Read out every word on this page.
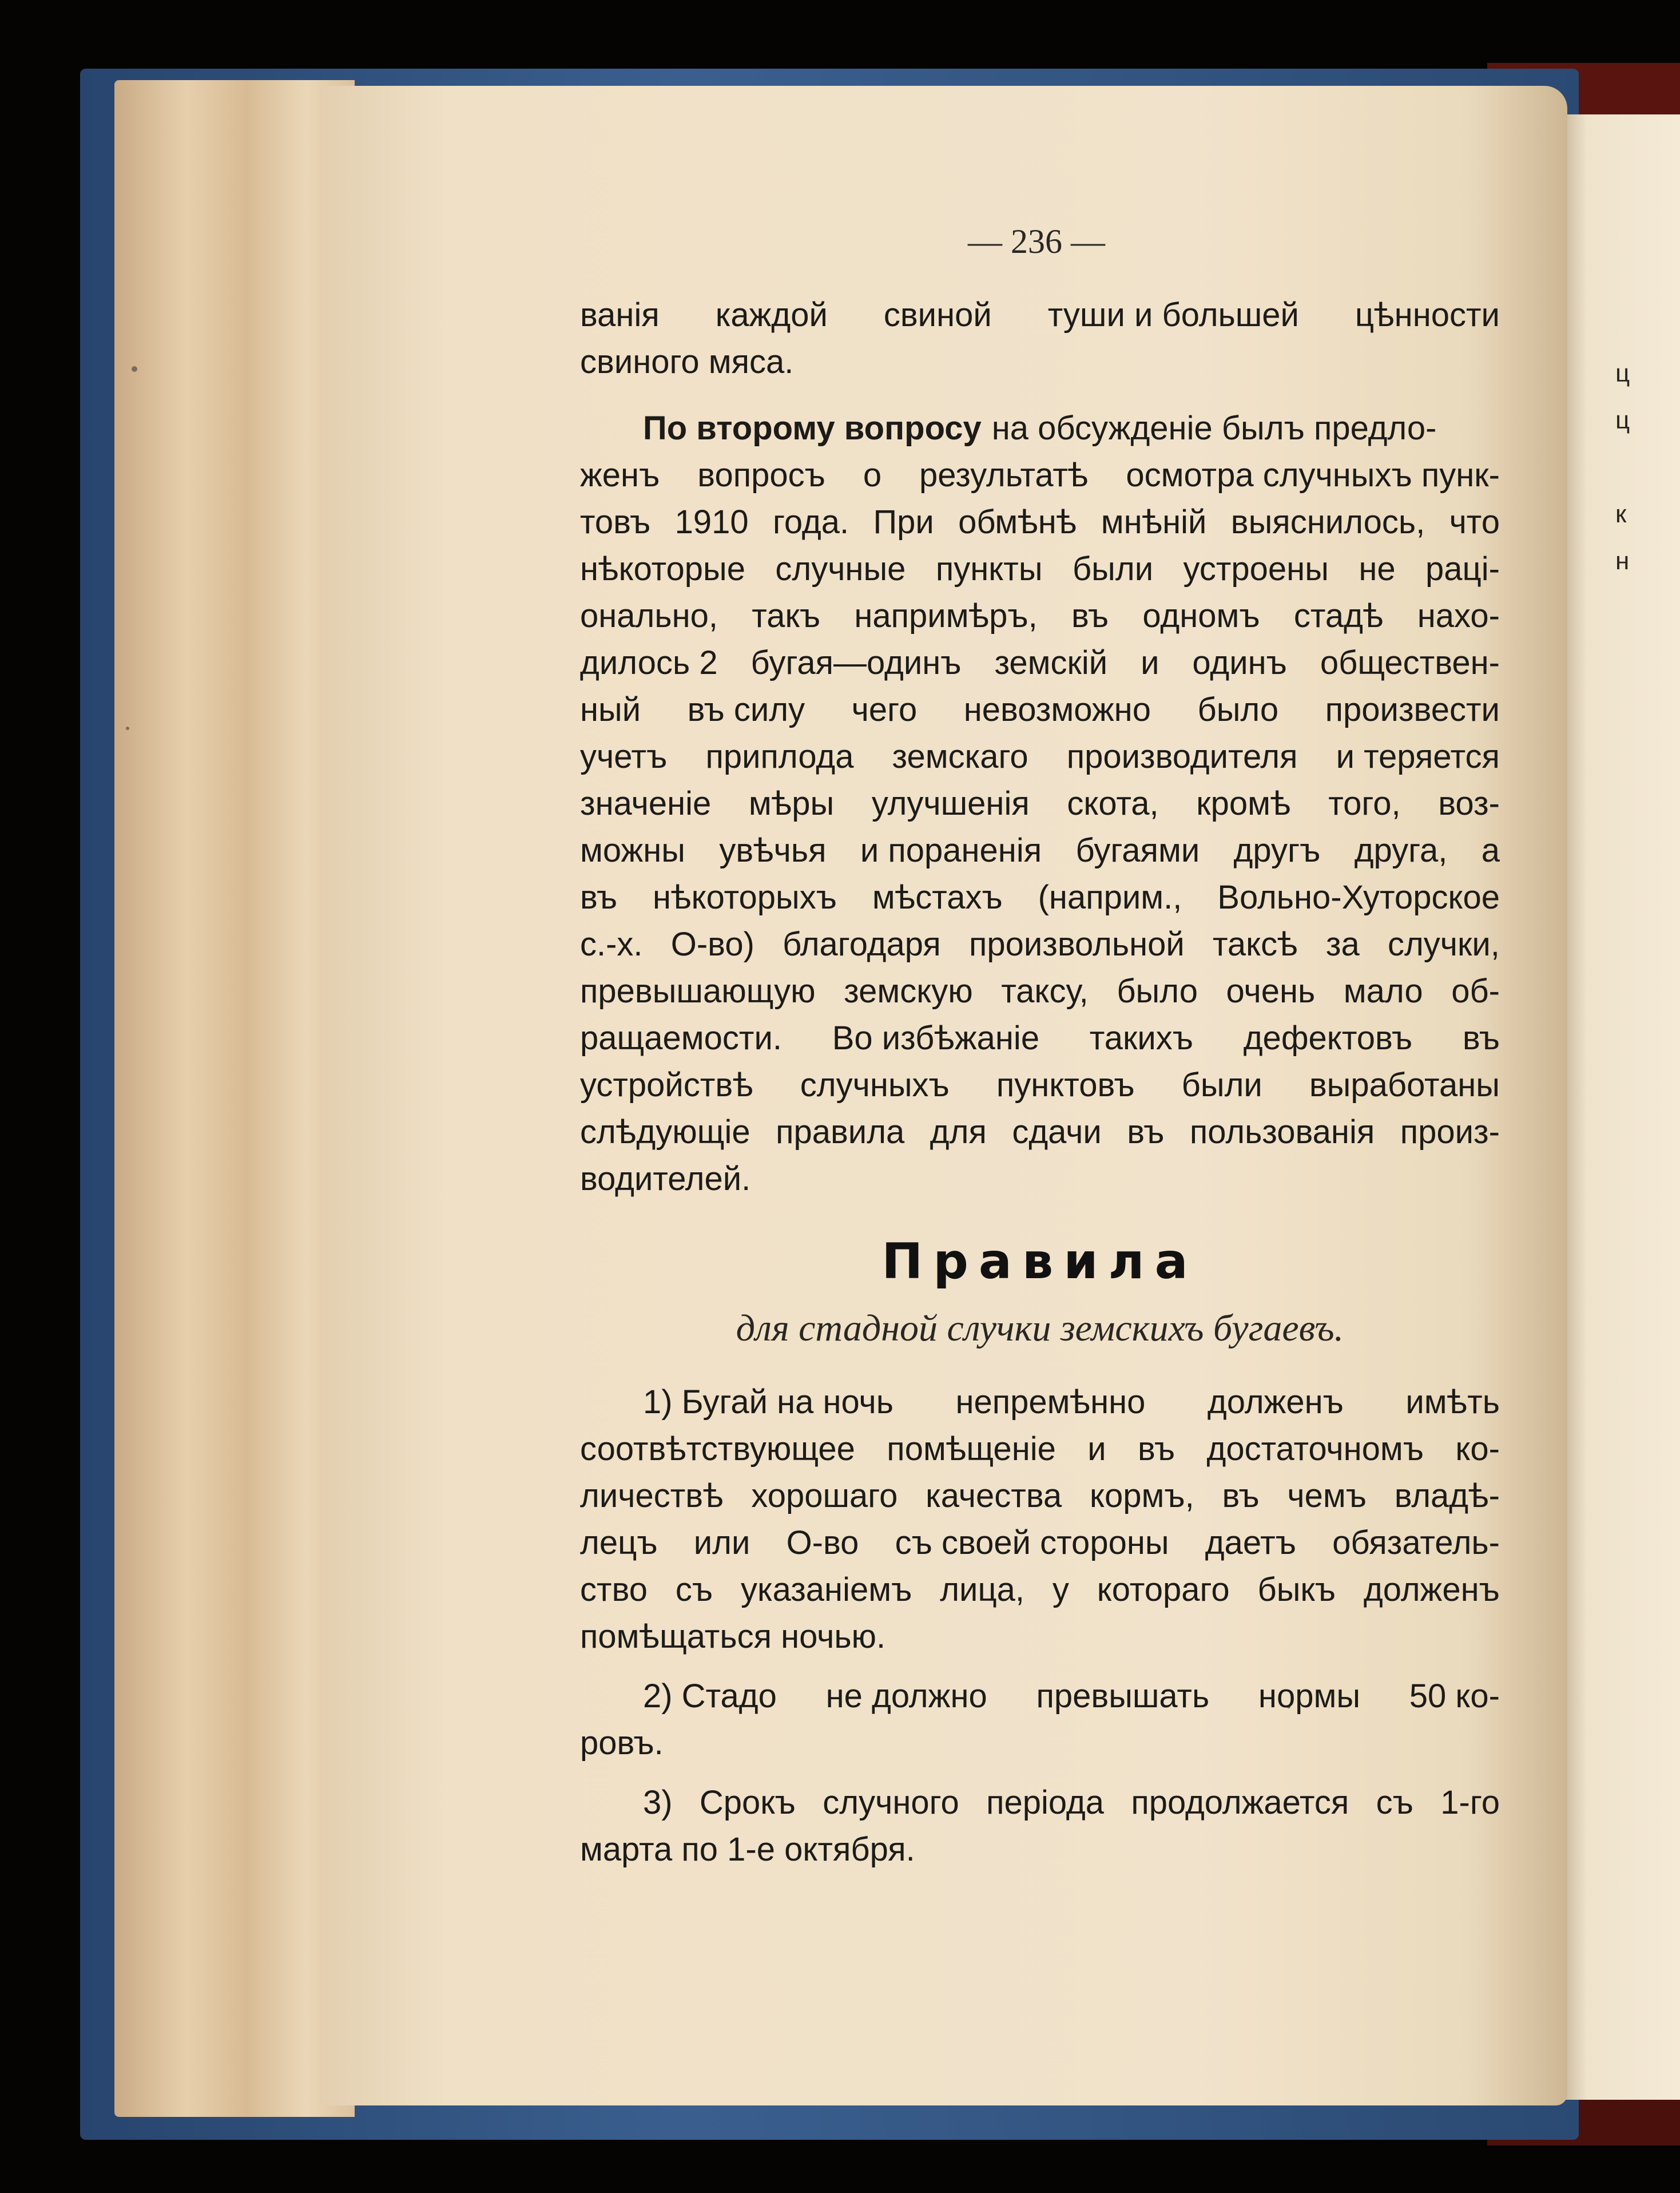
ц
ц
к
н
— 236 —
ванія каждой свиной туши и большей цѣнности
свиного мяса.
По второму вопросу на обсужденіе былъ предло-
женъ вопросъ о результатѣ осмотра случныхъ пунк-
товъ 1910 года. При обмѣнѣ мнѣній выяснилось, что
нѣкоторые случные пункты были устроены не раці-
онально, такъ напримѣръ, въ одномъ стадѣ нахо-
дилось 2 бугая—одинъ земскій и одинъ обществен-
ный въ силу чего невозможно было произвести
учетъ приплода земскаго производителя и теряется
значеніе мѣры улучшенія скота, кромѣ того, воз-
можны увѣчья и пораненія бугаями другъ друга, а
въ нѣкоторыхъ мѣстахъ (наприм., Вольно-Хуторское
с.-х. О-во) благодаря произвольной таксѣ за случки,
превышающую земскую таксу, было очень мало об-
ращаемости. Во избѣжаніе такихъ дефектовъ въ
устройствѣ случныхъ пунктовъ были выработаны
слѣдующіе правила для сдачи въ пользованія произ-
водителей.
Правила
для стадной случки земскихъ бугаевъ.
1) Бугай на ночь непремѣнно долженъ имѣть
соотвѣтствующее помѣщеніе и въ достаточномъ ко-
личествѣ хорошаго качества кормъ, въ чемъ владѣ-
лецъ или О-во съ своей стороны даетъ обязатель-
ство съ указаніемъ лица, у котораго быкъ долженъ
помѣщаться ночью.
2) Стадо не должно превышать нормы 50 ко-
ровъ.
3) Срокъ случного періода продолжается съ 1-го
марта по 1-е октября.
